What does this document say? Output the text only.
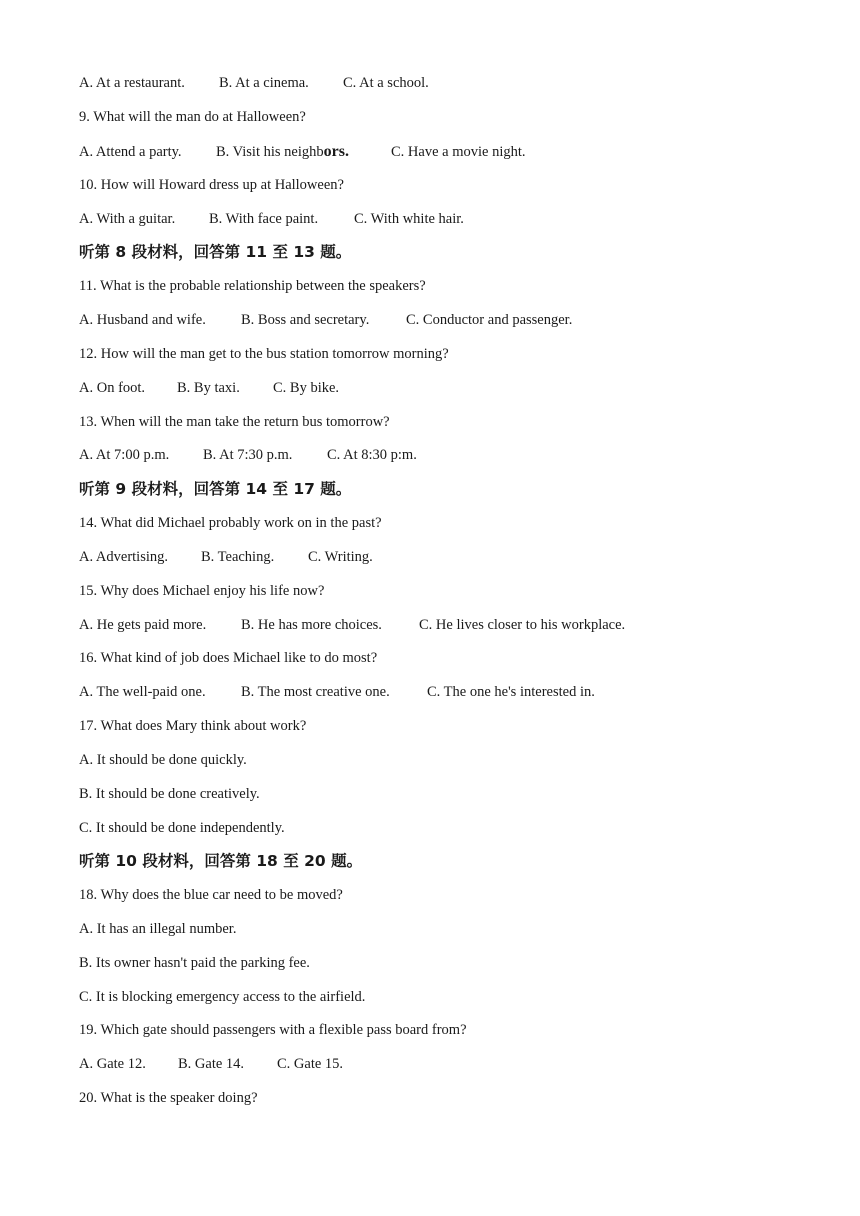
A. At a restaurant. B. At a cinema. C. At a school.
9. What will the man do at Halloween?
A. Attend a party. B. Visit his neighbors.	C. Have a movie night.
10. How will Howard dress up at Halloween?
A. With a guitar. B. With face paint. C. With white hair.
听第 8 段材料，回答第 11 至 13 题。
11. What is the probable relationship between the speakers?
A. Husband and wife. B. Boss and secretary.	C. Conductor and passenger.
12. How will the man get to the bus station tomorrow morning?
A. On foot. B. By taxi. C. By bike.
13. When will the man take the return bus tomorrow?
A. At 7:00 p.m. B. At 7:30 p.m. C. At 8:30 p:m.
听第 9 段材料，回答第 14 至 17 题。
14. What did Michael probably work on in the past?
A. Advertising. B. Teaching. C. Writing.
15. Why does Michael enjoy his life now?
A. He gets paid more. B. He has more choices.	C. He lives closer to his workplace.
16. What kind of job does Michael like to do most?
A. The well-paid one. B. The most creative one.	C. The one he's interested in.
17. What does Mary think about work?
A. It should be done quickly.
B. It should be done creatively.
C. It should be done independently.
听第 10 段材料，回答第 18 至 20 题。
18. Why does the blue car need to be moved?
A. It has an illegal number.
B. Its owner hasn't paid the parking fee.
C. It is blocking emergency access to the airfield.
19. Which gate should passengers with a flexible pass board from?
A. Gate 12. B. Gate 14. C. Gate 15.
20. What is the speaker doing?
